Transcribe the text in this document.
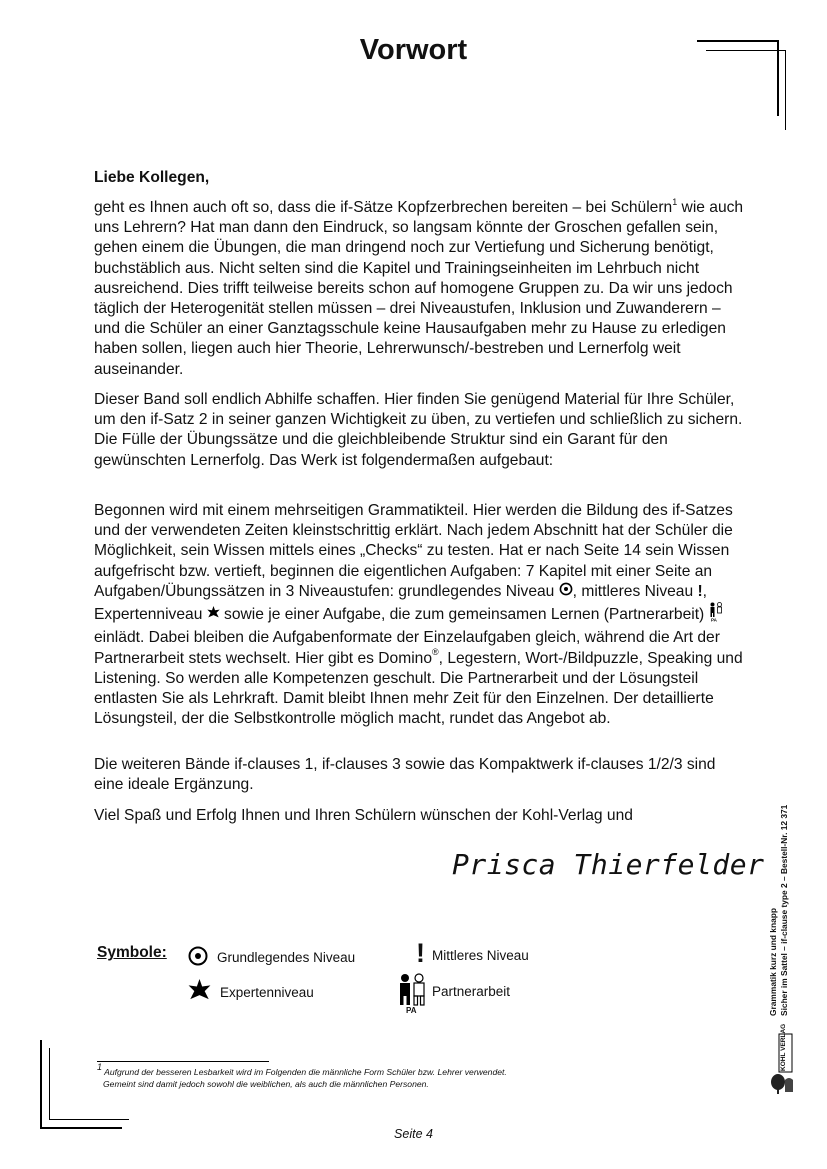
Vorwort
Liebe Kollegen,

geht es Ihnen auch oft so, dass die if-Sätze Kopfzerbrechen bereiten – bei Schülern$^1$ wie auch uns Lehrern? Hat man dann den Eindruck, so langsam könnte der Groschen gefallen sein, gehen einem die Übungen, die man dringend noch zur Vertiefung und Sicherung benötigt, buchstäblich aus. Nicht selten sind die Kapitel und Trainingseinheiten im Lehrbuch nicht ausreichend. Dies trifft teilweise bereits schon auf homogene Gruppen zu. Da wir uns jedoch täglich der Heterogenität stellen müssen – drei Niveaustufen, Inklusion und Zuwanderern – und die Schüler an einer Ganztagsschule keine Hausaufgaben mehr zu Hause zu erledigen haben sollen, liegen auch hier Theorie, Lehrerwunsch/-bestreben und Lernerfolg weit auseinander.

Dieser Band soll endlich Abhilfe schaffen. Hier finden Sie genügend Material für Ihre Schüler, um den if-Satz 2 in seiner ganzen Wichtigkeit zu üben, zu vertiefen und schließlich zu sichern. Die Fülle der Übungssätze und die gleichbleibende Struktur sind ein Garant für den gewünschten Lernerfolg. Das Werk ist folgendermaßen aufgebaut:

Begonnen wird mit einem mehrseitigen Grammatikteil. Hier werden die Bildung des if-Satzes und der verwendeten Zeiten kleinstschrittig erklärt. Nach jedem Abschnitt hat der Schüler die Möglichkeit, sein Wissen mittels eines „Checks“ zu testen. Hat er nach Seite 14 sein Wissen aufgefrischt bzw. vertieft, beginnen die eigentlichen Aufgaben: 7 Kapitel mit einer Seite an Aufgaben/Übungssätzen in 3 Niveaustufen: grundlegendes Niveau , mittleres Niveau !, Expertenniveau  sowie je einer Aufgabe, die zum gemeinsamen Lernen (Partnerarbeit) PA
einlädt. Dabei bleiben die Aufgabenformate der Einzelaufgaben gleich, während die Art der Partnerarbeit stets wechselt. Hier gibt es Domino®, Legestern, Wort-/Bildpuzzle, Speaking und Listening. So werden alle Kompetenzen geschult. Die Partnerarbeit und der Lösungsteil entlasten Sie als Lehrkraft. Damit bleibt Ihnen mehr Zeit für den Einzelnen. Der detaillierte Lösungsteil, der die Selbstkontrolle möglich macht, rundet das Angebot ab.

Die weiteren Bände if-clauses 1, if-clauses 3 sowie das Kompaktwerk if-clauses 1/2/3 sind eine ideale Ergänzung.

Viel Spaß und Erfolg Ihnen und Ihren Schülern wünschen der Kohl-Verlag und

Prisca Thierfelder
Symbole:	Grundlegendes Niveau ! Mittleres Niveau
Expertenniveau
PA
Partnerarbeit
$^1$ Aufgrund der besseren Lesbarkeit wird im Folgenden die männliche Form Schüler bzw. Lehrer verwendet.
Gemeint sind damit jedoch sowohl die weiblichen, als auch die männlichen Personen.
Seite 4
Grammatik kurz und knapp Sicher im Sattel – if-clause type 2 – Bestell-Nr. 12 371
KOHL VERLAG
